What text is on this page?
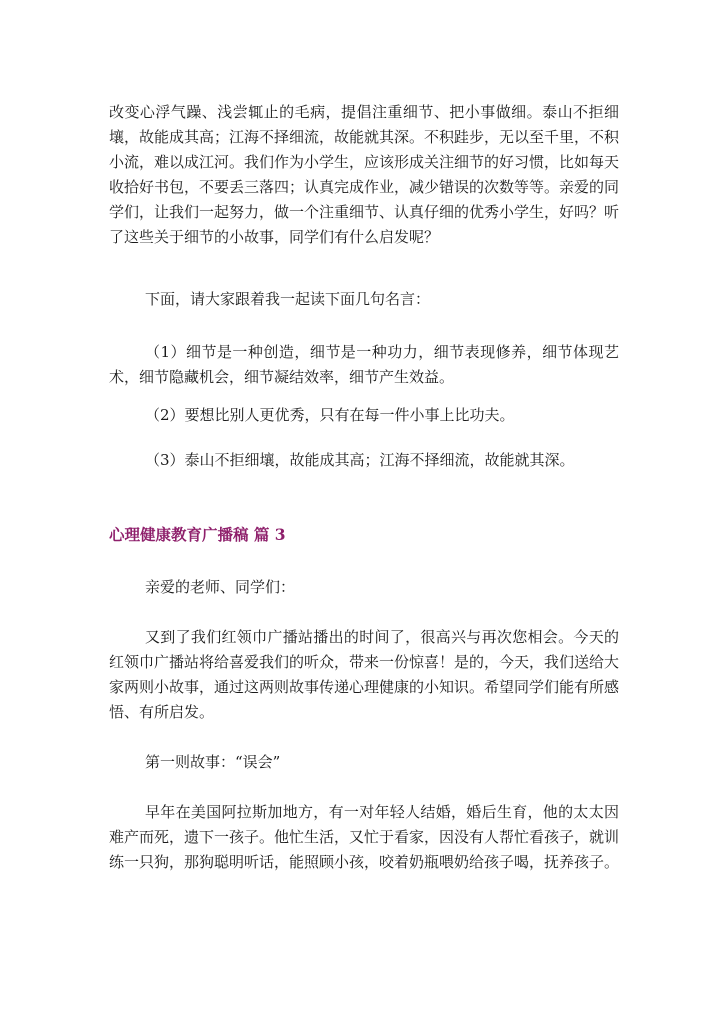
改变心浮气躁、浅尝辄止的毛病，提倡注重细节、把小事做细。泰山不拒细壤，故能成其高；江海不择细流，故能就其深。不积跬步，无以至千里，不积小流，难以成江河。我们作为小学生，应该形成关注细节的好习惯，比如每天收拾好书包，不要丢三落四；认真完成作业，减少错误的次数等等。亲爱的同学们，让我们一起努力，做一个注重细节、认真仔细的优秀小学生，好吗？听了这些关于细节的小故事，同学们有什么启发呢？

下面，请大家跟着我一起读下面几句名言：

（1）细节是一种创造，细节是一种功力，细节表现修养，细节体现艺术，细节隐藏机会，细节凝结效率，细节产生效益。

（2）要想比别人更优秀，只有在每一件小事上比功夫。

（3）泰山不拒细壤，故能成其高；江海不择细流，故能就其深。

心理健康教育广播稿 篇 3

亲爱的老师、同学们：

又到了我们红领巾广播站播出的时间了，很高兴与再次您相会。今天的红领巾广播站将给喜爱我们的听众，带来一份惊喜！是的，今天，我们送给大家两则小故事，通过这两则故事传递心理健康的小知识。希望同学们能有所感悟、有所启发。

第一则故事：“误会”

早年在美国阿拉斯加地方，有一对年轻人结婚，婚后生育，他的太太因难产而死，遗下一孩子。他忙生活，又忙于看家，因没有人帮忙看孩子，就训练一只狗，那狗聪明听话，能照顾小孩，咬着奶瓶喂奶给孩子喝，抚养孩子。
